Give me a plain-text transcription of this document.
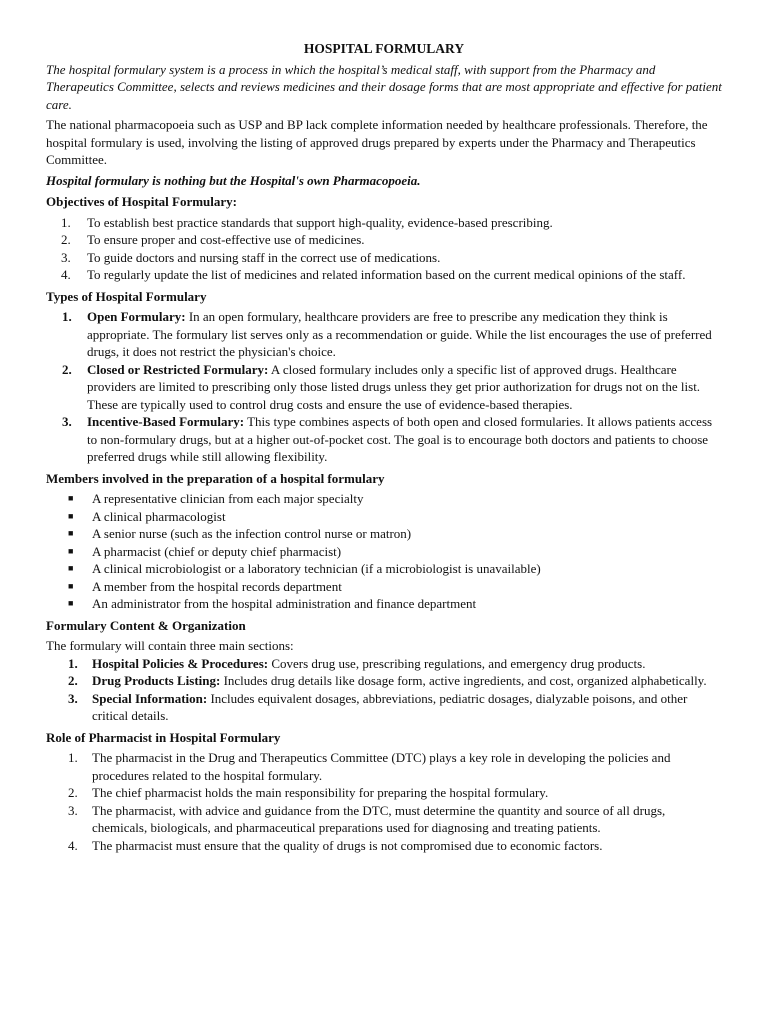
HOSPITAL FORMULARY

The hospital formulary system is a process in which the hospital’s medical staff, with support from the Pharmacy and Therapeutics Committee, selects and reviews medicines and their dosage forms that are most appropriate and effective for patient care.

The national pharmacopoeia such as USP and BP lack complete information needed by healthcare professionals. Therefore, the hospital formulary is used, involving the listing of approved drugs prepared by experts under the Pharmacy and Therapeutics Committee.

Hospital formulary is nothing but the Hospital's own Pharmacopoeia.

Objectives of Hospital Formulary:
1.	To establish best practice standards that support high-quality, evidence-based prescribing.
2.	To ensure proper and cost-effective use of medicines.
3.	To guide doctors and nursing staff in the correct use of medications.
4.	To regularly update the list of medicines and related information based on the current medical opinions of the staff.
Types of Hospital Formulary
1. Open Formulary: In an open formulary, healthcare providers are free to prescribe any medication they think is appropriate. The formulary list serves only as a recommendation or guide. While the list encourages the use of preferred drugs, it does not restrict the physician's choice.
2. Closed or Restricted Formulary: A closed formulary includes only a specific list of approved drugs. Healthcare providers are limited to prescribing only those listed drugs unless they get prior authorization for drugs not on the list. These are typically used to control drug costs and ensure the use of evidence-based therapies.
3. Incentive-Based Formulary: This type combines aspects of both open and closed formularies. It allows patients access to non-formulary drugs, but at a higher out-of-pocket cost. The goal is to encourage both doctors and patients to choose preferred drugs while still allowing flexibility.
Members involved in the preparation of a hospital formulary
■ A representative clinician from each major specialty
■ A clinical pharmacologist
■ A senior nurse (such as the infection control nurse or matron)
■ A pharmacist (chief or deputy chief pharmacist)
■ A clinical microbiologist or a laboratory technician (if a microbiologist is unavailable)
■ A member from the hospital records department
■ An administrator from the hospital administration and finance department
Formulary Content & Organization

The formulary will contain three main sections:

1. Hospital Policies & Procedures: Covers drug use, prescribing regulations, and emergency drug products.
2. Drug Products Listing: Includes drug details like dosage form, active ingredients, and cost, organized alphabetically.
3. Special Information: Includes equivalent dosages, abbreviations, pediatric dosages, dialyzable poisons, and other critical details.
Role of Pharmacist in Hospital Formulary
1. The pharmacist in the Drug and Therapeutics Committee (DTC) plays a key role in developing the policies and procedures related to the hospital formulary.
2. The chief pharmacist holds the main responsibility for preparing the hospital formulary.
3. The pharmacist, with advice and guidance from the DTC, must determine the quantity and source of all drugs, chemicals, biologicals, and pharmaceutical preparations used for diagnosing and treating patients.
4. The pharmacist must ensure that the quality of drugs is not compromised due to economic factors.
